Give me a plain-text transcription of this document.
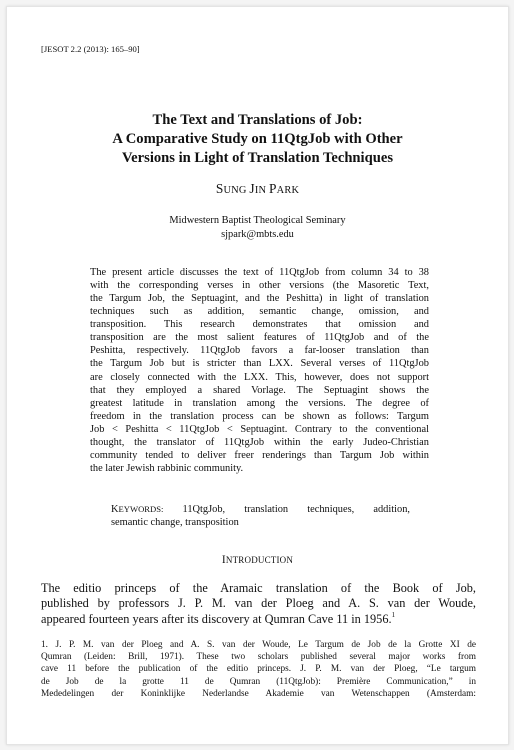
[JESOT 2.2 (2013): 165–90]
The Text and Translations of Job:
A Comparative Study on 11QtgJob with Other
Versions in Light of Translation Techniques
SUNG JIN PARK
Midwestern Baptist Theological Seminary
sjpark@mbts.edu
The present article discusses the text of 11QtgJob from column 34 to 38
with the corresponding verses in other versions (the Masoretic Text,
the Targum Job, the Septuagint, and the Peshitta) in light of translation
techniques such as addition, semantic change, omission, and
transposition. This research demonstrates that omission and
transposition are the most salient features of 11QtgJob and of the
Peshitta, respectively. 11QtgJob favors a far-looser translation than
the Targum Job but is stricter than LXX. Several verses of 11QtgJob
are closely connected with the LXX. This, however, does not support
that they employed a shared Vorlage. The Septuagint shows the
greatest latitude in translation among the versions. The degree of
freedom in the translation process can be shown as follows: Targum
Job < Peshitta < 11QtgJob < Septuagint. Contrary to the conventional
thought, the translator of 11QtgJob within the early Judeo-Christian
community tended to deliver freer renderings than Targum Job within
the later Jewish rabbinic community.
KEYWORDS: 11QtgJob, translation techniques, addition,
semantic change, transposition
INTRODUCTION
The editio princeps of the Aramaic translation of the Book of Job,
published by professors J. P. M. van der Ploeg and A. S. van der Woude,
appeared fourteen years after its discovery at Qumran Cave 11 in 1956.$^1$
1. J. P. M. van der Ploeg and A. S. van der Woude, Le Targum de Job de la Grotte XI de
Qumran (Leiden: Brill, 1971). These two scholars published several major works from
cave 11 before the publication of the editio princeps. J. P. M. van der Ploeg, “Le targum
de Job de la grotte 11 de Qumran (11QtgJob): Première Communication,” in
Mededelingen der Koninklijke Nederlandse Akademie van Wetenschappen (Amsterdam:
